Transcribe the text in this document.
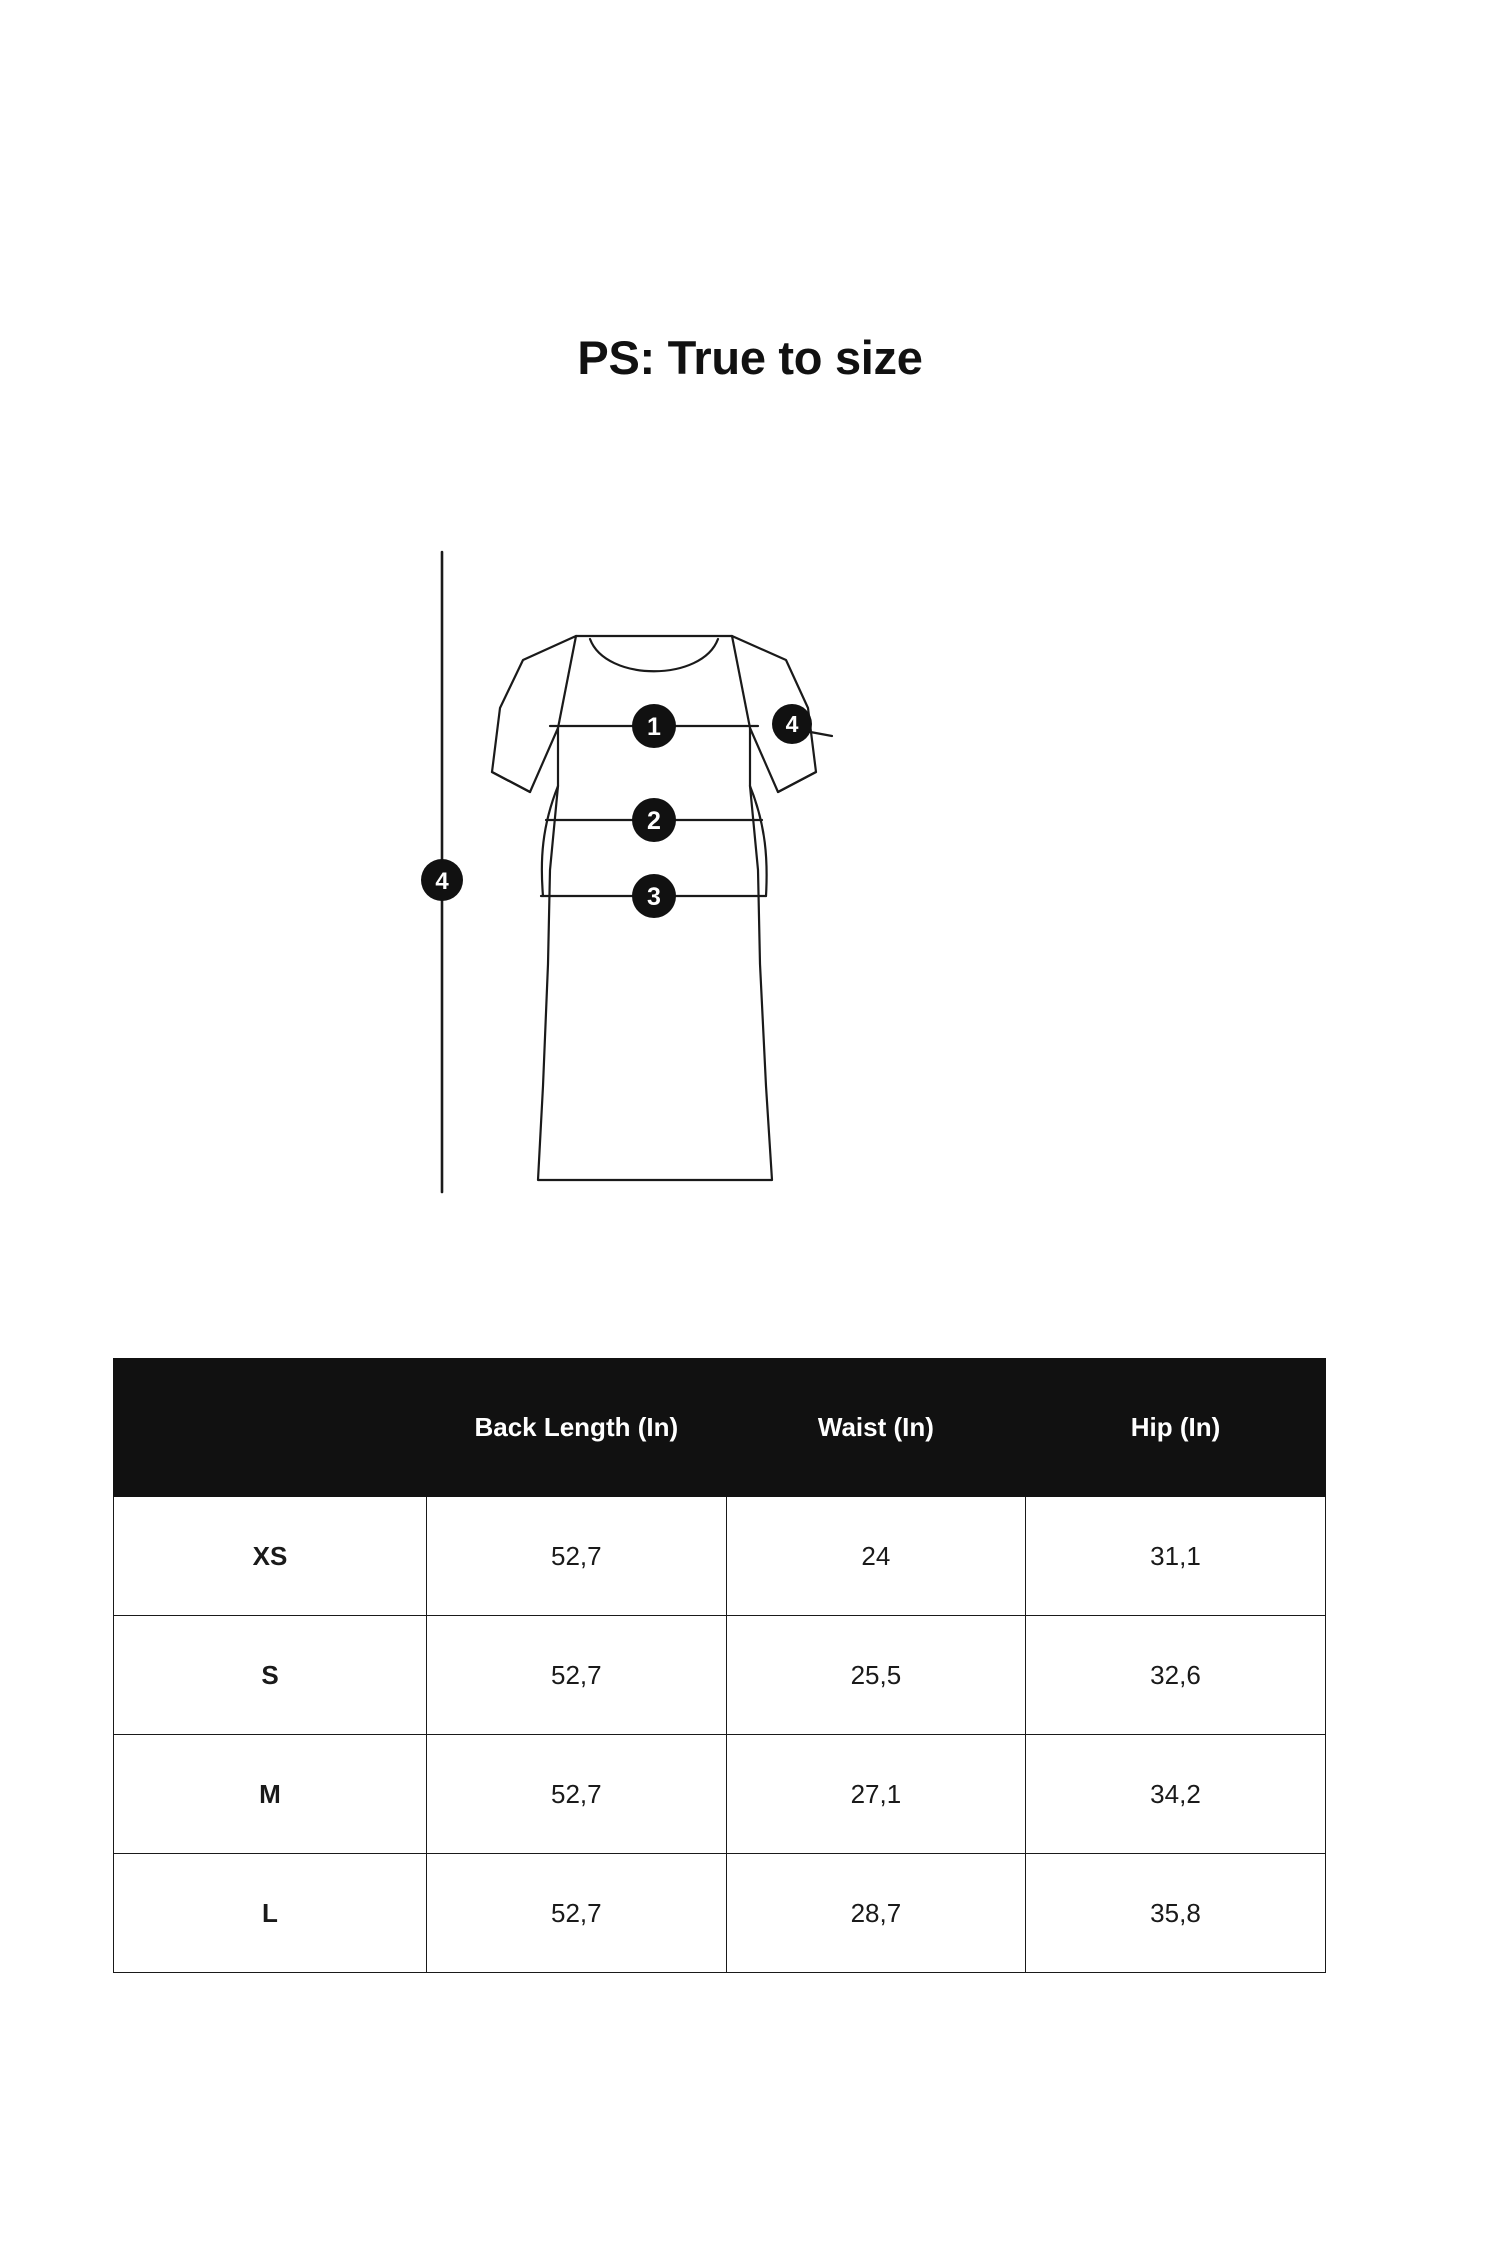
PS: True to size
1
2
3
4
4
	Back Length (In)	Waist (In)	Hip (In)
XS	52,7	24	31,1
S	52,7	25,5	32,6
M	52,7	27,1	34,2
L	52,7	28,7	35,8
